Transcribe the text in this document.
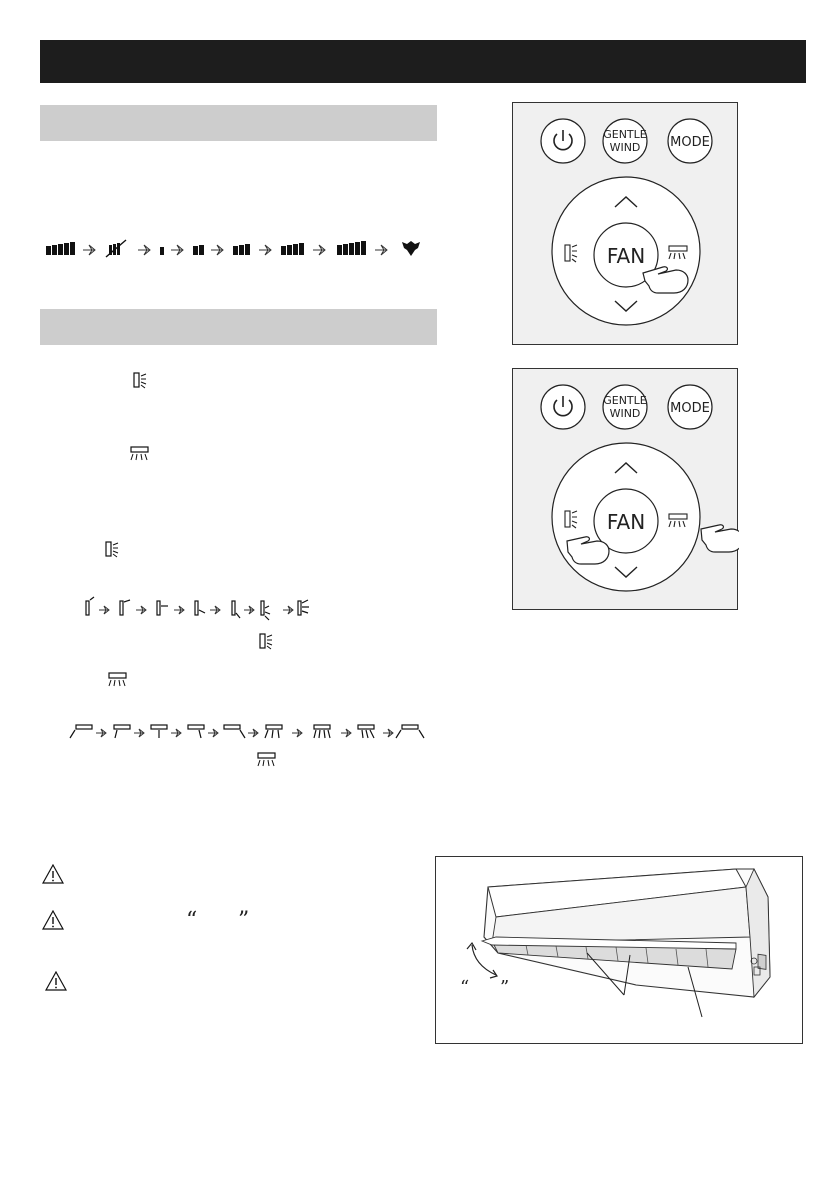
“ ”
GENTLE
WIND MODE
FAN
GENTLE
WIND MODE
FAN
“ ”
